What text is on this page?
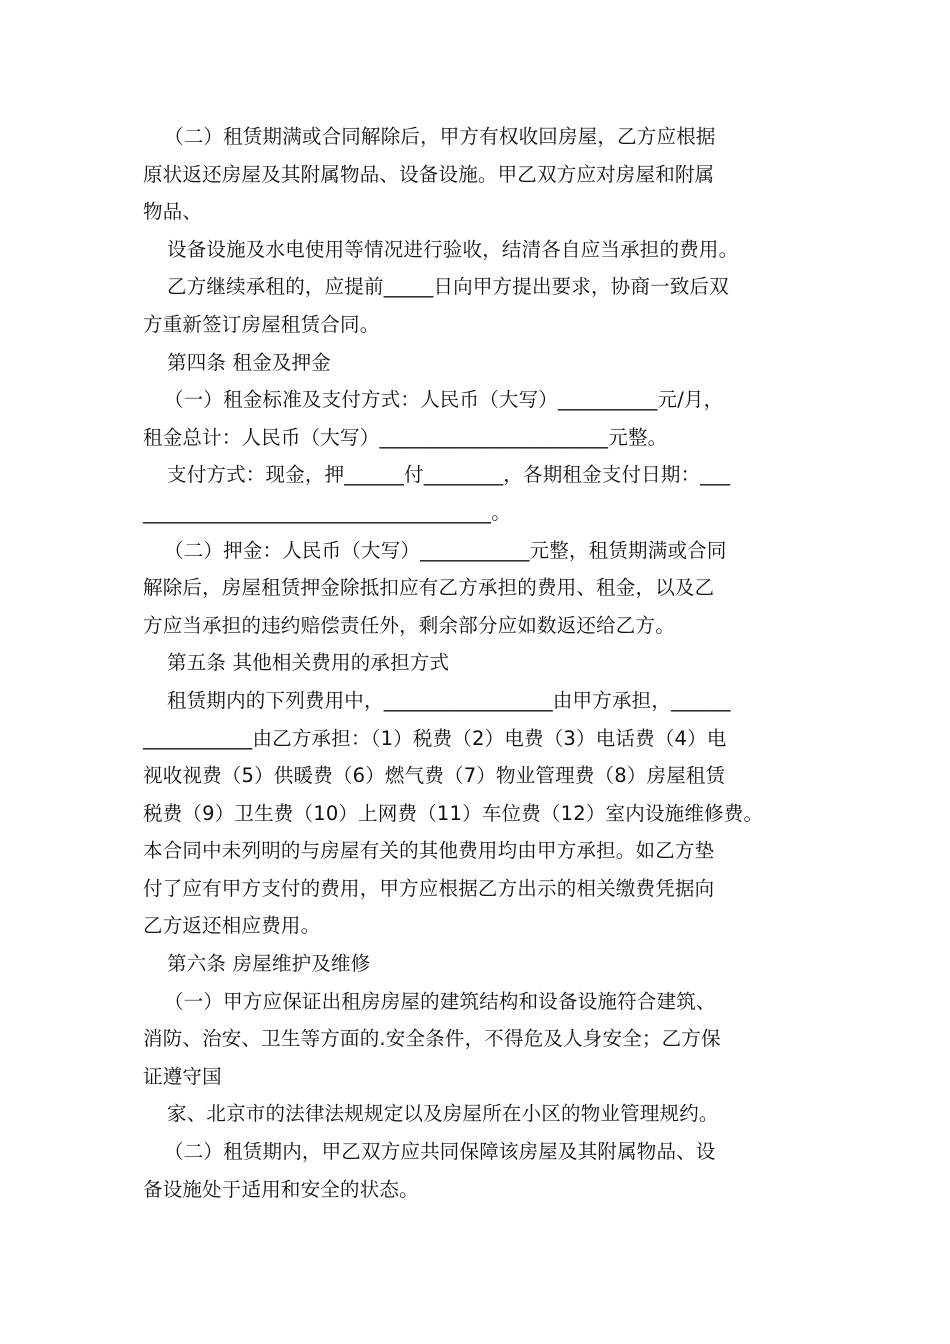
（二）租赁期满或合同解除后，甲方有权收回房屋，乙方应根据
原状返还房屋及其附属物品、设备设施。甲乙双方应对房屋和附属
物品、
设备设施及水电使用等情况进行验收，结清各自应当承担的费用。
乙方继续承租的，应提前_____日向甲方提出要求，协商一致后双
方重新签订房屋租赁合同。
第四条 租金及押金
（一）租金标准及支付方式：人民币（大写）__________元/月，
租金总计：人民币（大写）_______________________元整。
支付方式：现金，押______付________，各期租金支付日期：___
___________________________________。
（二）押金：人民币（大写）___________元整，租赁期满或合同
解除后，房屋租赁押金除抵扣应有乙方承担的费用、租金，以及乙
方应当承担的违约赔偿责任外，剩余部分应如数返还给乙方。
第五条 其他相关费用的承担方式
租赁期内的下列费用中，_________________由甲方承担，______
___________由乙方承担：（1）税费（2）电费（3）电话费（4）电
视收视费（5）供暖费（6）燃气费（7）物业管理费（8）房屋租赁
税费（9）卫生费（10）上网费（11）车位费（12）室内设施维修费。
本合同中未列明的与房屋有关的其他费用均由甲方承担。如乙方垫
付了应有甲方支付的费用，甲方应根据乙方出示的相关缴费凭据向
乙方返还相应费用。
第六条 房屋维护及维修
（一）甲方应保证出租房房屋的建筑结构和设备设施符合建筑、
消防、治安、卫生等方面的.安全条件，不得危及人身安全；乙方保
证遵守国
家、北京市的法律法规规定以及房屋所在小区的物业管理规约。
（二）租赁期内，甲乙双方应共同保障该房屋及其附属物品、设
备设施处于适用和安全的状态。
